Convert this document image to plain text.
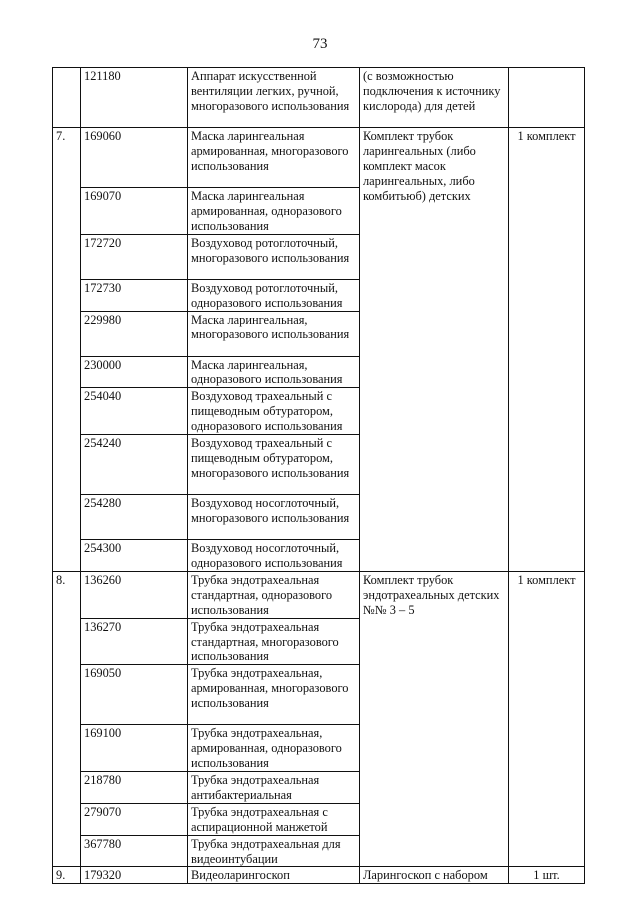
73
	121180	Аппарат искусственной вентиляции легких, ручной, многоразового использования	(с возможностью подключения к источнику кислорода) для детей	
7.	169060	Маска ларингеальная армированная, многоразового использования	Комплект трубок ларингеальных (либо комплект масок ларингеальных, либо комбитьюб) детских	1 комплект
	169070	Маска ларингеальная армированная, одноразового использования		
	172720	Воздуховод ротоглоточный, многоразового использования		
	172730	Воздуховод ротоглоточный, одноразового использования		
	229980	Маска ларингеальная, многоразового использования		
	230000	Маска ларингеальная, одноразового использования		
	254040	Воздуховод трахеальный с пищеводным обтуратором, одноразового использования		
	254240	Воздуховод трахеальный с пищеводным обтуратором, многоразового использования		
	254280	Воздуховод носоглоточный, многоразового использования		
	254300	Воздуховод носоглоточный, одноразового использования		
8.	136260	Трубка эндотрахеальная стандартная, одноразового использования	Комплект трубок эндотрахеальных детских №№ 3 – 5	1 комплект
	136270	Трубка эндотрахеальная стандартная, многоразового использования		
	169050	Трубка эндотрахеальная, армированная, многоразового использования		
	169100	Трубка эндотрахеальная, армированная, одноразового использования		
	218780	Трубка эндотрахеальная антибактериальная		
	279070	Трубка эндотрахеальная с аспирационной манжетой		
	367780	Трубка эндотрахеальная для видеоинтубации		
9.	179320	Видеоларингоскоп	Ларингоскоп с набором	1 шт.
